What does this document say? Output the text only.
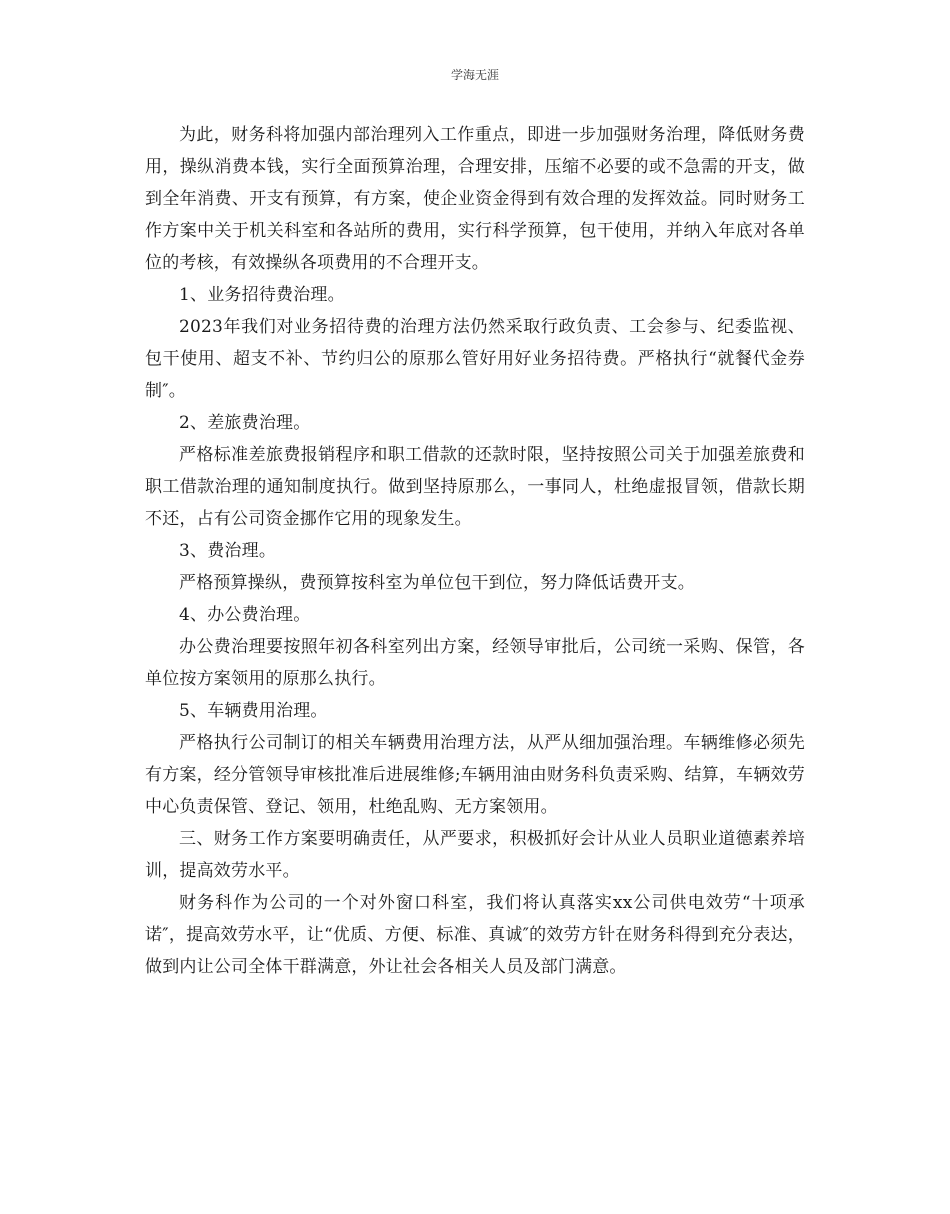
学海无涯

为此，财务科将加强内部治理列入工作重点，即进一步加强财务治理，降低财务费用，操纵消费本钱，实行全面预算治理，合理安排，压缩不必要的或不急需的开支，做到全年消费、开支有预算，有方案，使企业资金得到有效合理的发挥效益。同时财务工作方案中关于机关科室和各站所的费用，实行科学预算，包干使用，并纳入年底对各单位的考核，有效操纵各项费用的不合理开支。

1、业务招待费治理。

2023年我们对业务招待费的治理方法仍然采取行政负责、工会参与、纪委监视、包干使用、超支不补、节约归公的原那么管好用好业务招待费。严格执行“就餐代金券制″。

2、差旅费治理。

严格标准差旅费报销程序和职工借款的还款时限，坚持按照公司关于加强差旅费和职工借款治理的通知制度执行。做到坚持原那么，一事同人，杜绝虚报冒领，借款长期不还，占有公司资金挪作它用的现象发生。

3、费治理。

严格预算操纵，费预算按科室为单位包干到位，努力降低话费开支。

4、办公费治理。

办公费治理要按照年初各科室列出方案，经领导审批后，公司统一采购、保管，各单位按方案领用的原那么执行。

5、车辆费用治理。

严格执行公司制订的相关车辆费用治理方法，从严从细加强治理。车辆维修必须先有方案，经分管领导审核批准后进展维修;车辆用油由财务科负责采购、结算，车辆效劳中心负责保管、登记、领用，杜绝乱购、无方案领用。

三、财务工作方案要明确责任，从严要求，积极抓好会计从业人员职业道德素养培训，提高效劳水平。

财务科作为公司的一个对外窗口科室，我们将认真落实xx公司供电效劳“十项承诺″，提高效劳水平，让“优质、方便、标准、真诚″的效劳方针在财务科得到充分表达，做到内让公司全体干群满意，外让社会各相关人员及部门满意。
